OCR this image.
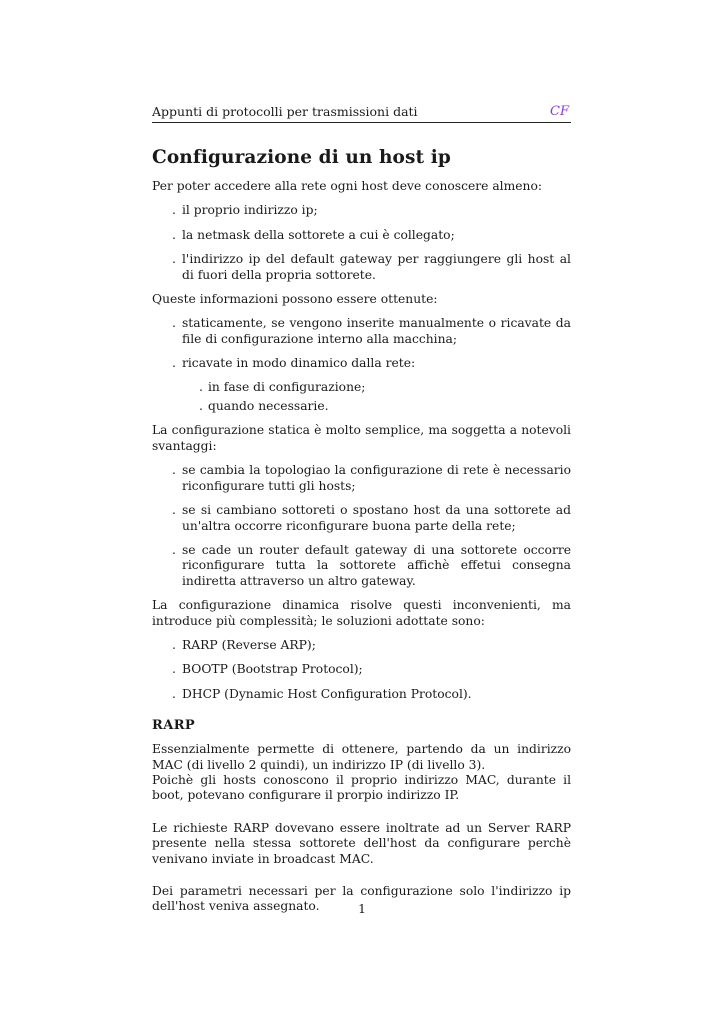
Appunti di protocolli per trasmissioni dati	CF
Configurazione di un host ip

Per poter accedere alla rete ogni host deve conoscere almeno:

. il proprio indirizzo ip;
. la netmask della sottorete a cui è collegato;
. l'indirizzo ip del default gateway per raggiungere gli host al di fuori della propria sottorete.

Queste informazioni possono essere ottenute:

. staticamente, se vengono inserite manualmente o ricavate da file di configurazione interno alla macchina;
. ricavate in modo dinamico dalla rete:
. in fase di configurazione;
. quando necessarie.

La configurazione statica è molto semplice, ma soggetta a notevoli svantaggi:

. se cambia la topologiao la configurazione di rete è necessario riconfigurare tutti gli hosts;
. se si cambiano sottoreti o spostano host da una sottorete ad un'altra occorre riconfigurare buona parte della rete;
. se cade un router default gateway di una sottorete occorre riconfigurare tutta la sottorete affichè effetui consegna indiretta attraverso un altro gateway.

La configurazione dinamica risolve questi inconvenienti, ma introduce più complessità; le soluzioni adottate sono:

. RARP (Reverse ARP);
. BOOTP (Bootstrap Protocol);
. DHCP (Dynamic Host Configuration Protocol).
RARP

Essenzialmente permette di ottenere, partendo da un indirizzo MAC (di livello 2 quindi), un indirizzo IP (di livello 3).

Poichè gli hosts conoscono il proprio indirizzo MAC, durante il boot, potevano configurare il prorpio indirizzo IP.

Le richieste RARP dovevano essere inoltrate ad un Server RARP presente nella stessa sottorete dell'host da configurare perchè venivano inviate in broadcast MAC.

Dei parametri necessari per la configurazione solo l'indirizzo ip dell'host veniva assegnato.	1
